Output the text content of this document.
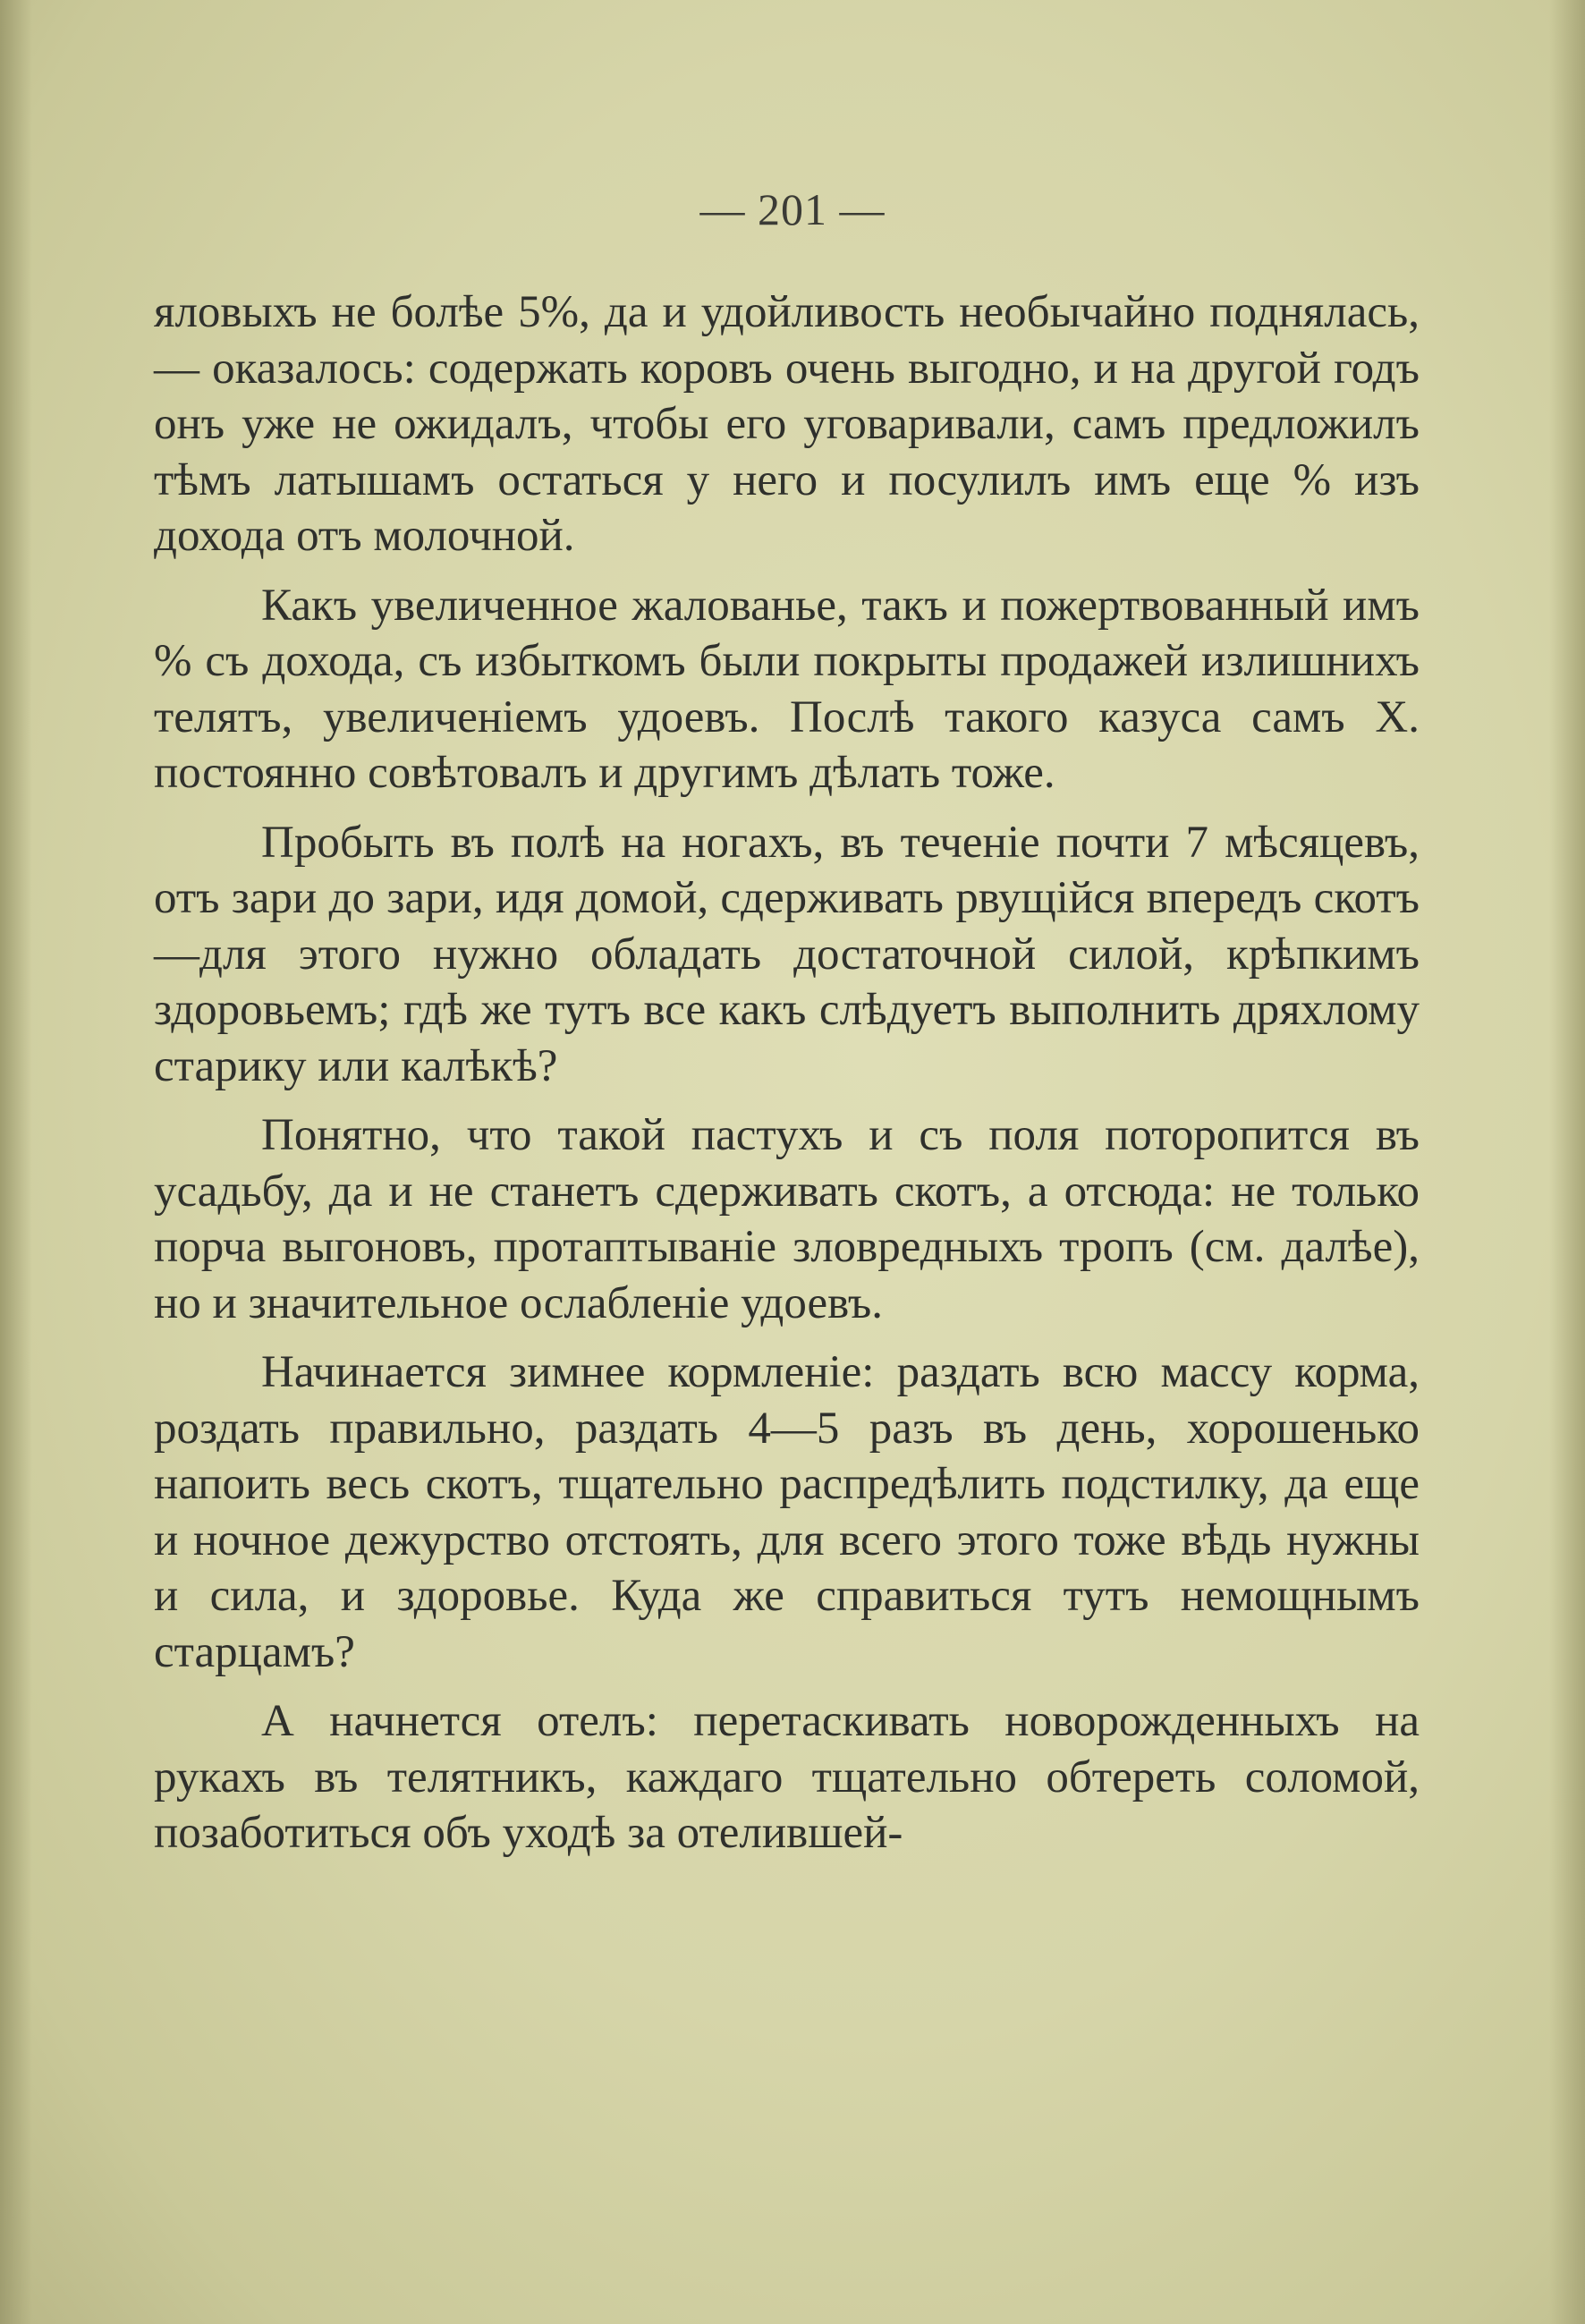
— 201 —

яловыхъ не болѣе 5%, да и удойливость необычайно поднялась, — оказалось: содержать коровъ очень выгодно, и на другой годъ онъ уже не ожидалъ, чтобы его уговаривали, самъ предложилъ тѣмъ латышамъ остаться у него и посулилъ имъ еще % изъ дохода отъ молочной.

Какъ увеличенное жалованье, такъ и пожертвованный имъ % съ дохода, съ избыткомъ были покрыты продажей излишнихъ телятъ, увеличеніемъ удоевъ. Послѣ такого казуса самъ X. постоянно совѣтовалъ и другимъ дѣлать тоже.

Пробыть въ полѣ на ногахъ, въ теченіе почти 7 мѣсяцевъ, отъ зари до зари, идя домой, сдерживать рвущійся впередъ скотъ—для этого нужно обладать достаточной силой, крѣпкимъ здоровьемъ; гдѣ же тутъ все какъ слѣдуетъ выполнить дряхлому старику или калѣкѣ?

Понятно, что такой пастухъ и съ поля поторопится въ усадьбу, да и не станетъ сдерживать скотъ, а отсюда: не только порча выгоновъ, протаптываніе зловредныхъ тропъ (см. далѣе), но и значительное ослабленіе удоевъ.

Начинается зимнее кормленіе: раздать всю массу корма, роздать правильно, раздать 4—5 разъ въ день, хорошенько напоить весь скотъ, тщательно распредѣлить подстилку, да еще и ночное дежурство отстоять, для всего этого тоже вѣдь нужны и сила, и здоровье. Куда же справиться тутъ немощнымъ старцамъ?

А начнется отелъ: перетаскивать новорожденныхъ на рукахъ въ телятникъ, каждаго тщательно обтереть соломой, позаботиться объ уходѣ за отелившей-
